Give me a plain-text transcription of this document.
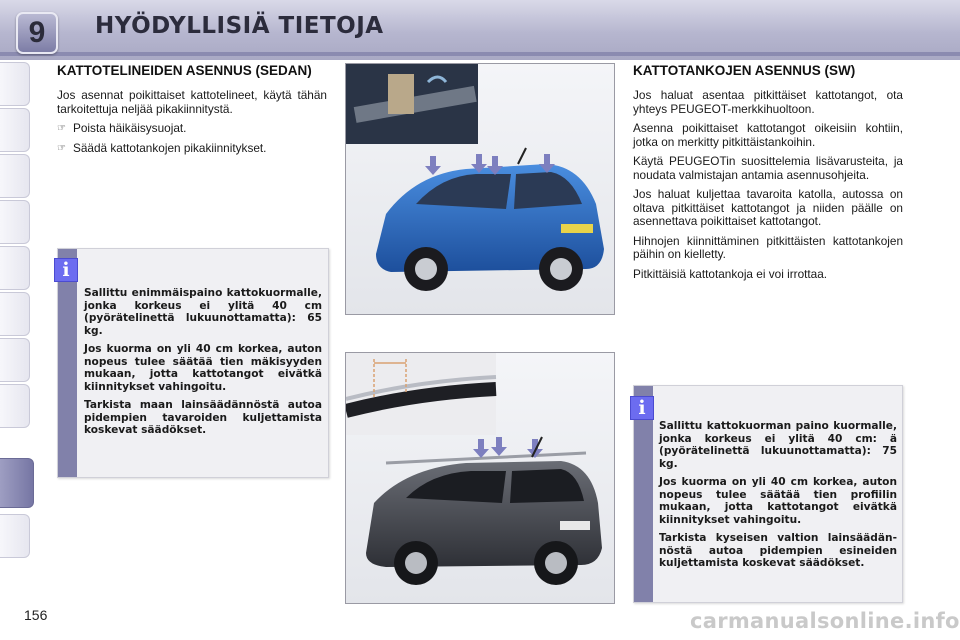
9	HYÖDYLLISIÄ TIETOJA
KATTOTELINEIDEN ASENNUS (SEDAN)
Jos asennat poikittaiset kattotelineet, käytä tähän tarkoitettuja neljää pikakiinnitystä.
☞ Poista häikäisysuojat.
☞ Säädä kattotankojen pikakiinnitykset.

Sallittu enimmäispaino kattokuormalle, jonka korkeus ei ylitä 40 cm (pyörätelinettä lukuunottamatta): 65 kg.

Jos kuorma on yli 40 cm korkea, auton nopeus tulee säätää tien mäkisyyden mukaan, jotta kattotangot eivätkä kiinnitykset vahingoitu.

Tarkista maan lainsäädännöstä autoa pidempien tavaroiden kuljettamista koskevat säädökset.

i
KATTOTANKOJEN ASENNUS (SW)
Jos haluat asentaa pitkittäiset kattotangot, ota yhteys PEUGEOT-merkkihuoltoon.
Asenna poikittaiset kattotangot oikeisiin kohtiin, jotka on merkitty pitkittäistankoihin.
Käytä PEUGEOTin suosittelemia lisävarusteita, ja noudata valmistajan antamia asennusohjeita.
Jos haluat kuljettaa tavaroita katolla, autossa on oltava pitkittäiset kattotangot ja niiden päälle on asennettava poikittaiset kattotangot.
Hihnojen kiinnittäminen pitkittäisten kattotankojen päihin on kielletty.
Pitkittäisiä kattotankoja ei voi irrottaa.

Sallittu kattokuorman paino kuormalle, jonka korkeus ei ylitä 40 cm: ä (pyörätelinettä lukuunottamatta): 75 kg.

Jos kuorma on yli 40 cm korkea, auton nopeus tulee säätää tien profiilin mukaan, jotta kattotangot eivätkä kiinnitykset vahingoitu.

Tarkista kyseisen valtion lainsäädännöstä autoa pidempien esineiden kuljettamista koskevat säädökset.

i
156	carmanualsonline.info
